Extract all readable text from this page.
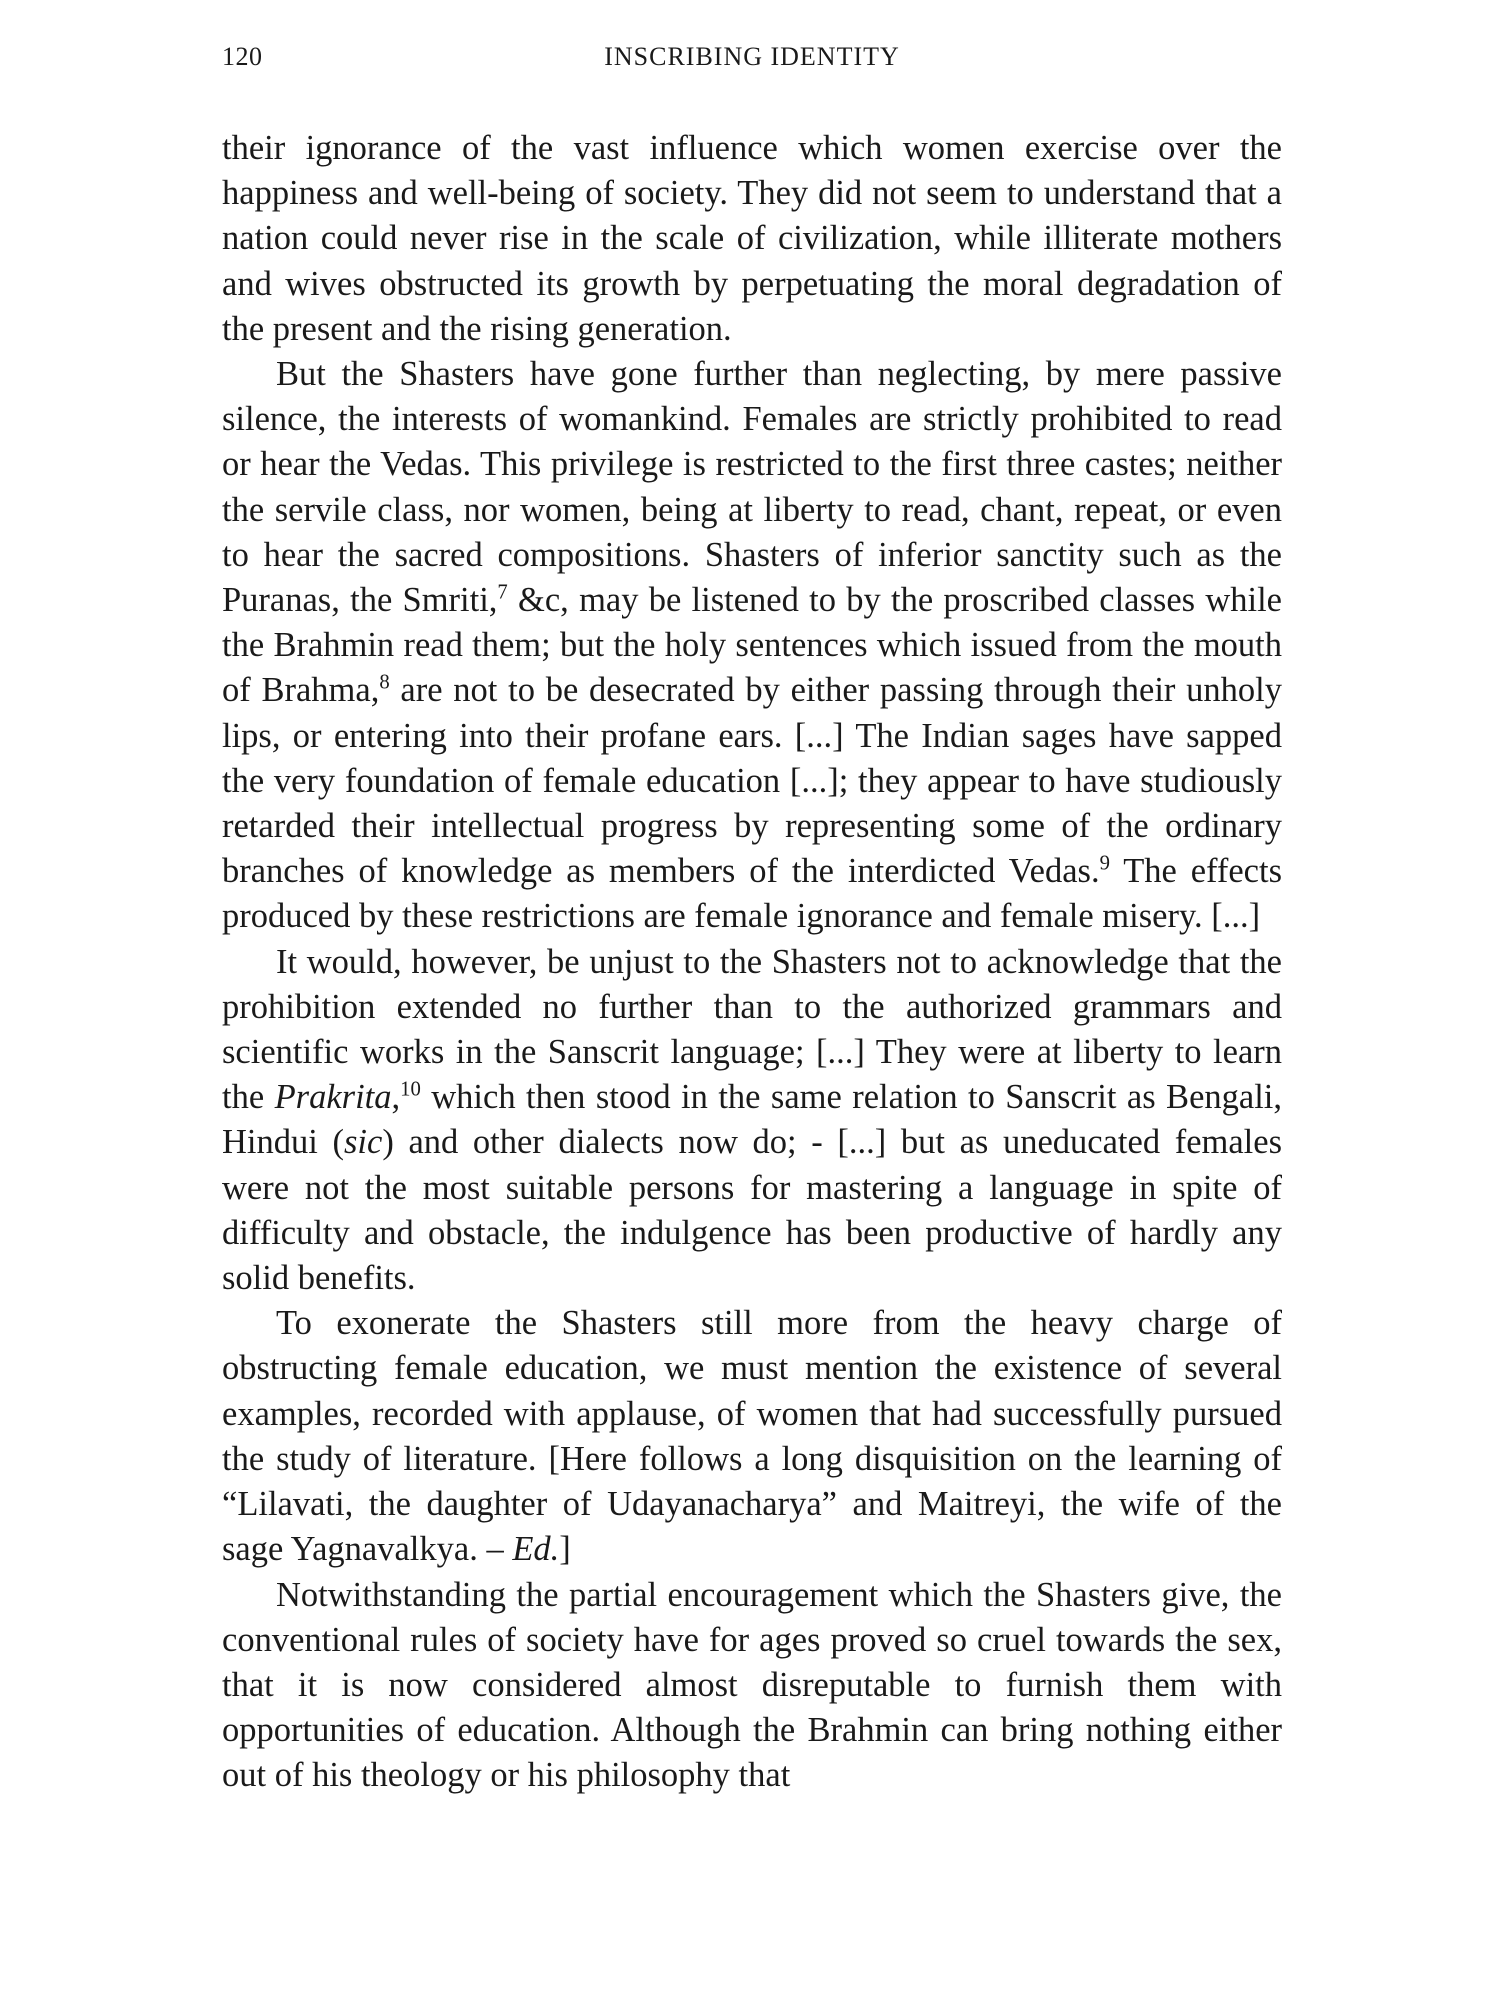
120	INSCRIBING IDENTITY

their ignorance of the vast influence which women exercise over the happiness and well-being of society. They did not seem to understand that a nation could never rise in the scale of civilization, while illiterate mothers and wives obstructed its growth by perpetuating the moral degradation of the present and the rising generation.

But the Shasters have gone further than neglecting, by mere passive silence, the interests of womankind. Females are strictly prohibited to read or hear the Vedas. This privilege is restricted to the first three castes; neither the servile class, nor women, being at liberty to read, chant, repeat, or even to hear the sacred compositions. Shasters of inferior sanctity such as the Puranas, the Smriti,$^7$ &c, may be listened to by the proscribed classes while the Brahmin read them; but the holy sentences which issued from the mouth of Brahma,$^8$ are not to be desecrated by either passing through their unholy lips, or entering into their profane ears. [...] The Indian sages have sapped the very foundation of female education [...]; they appear to have studiously retarded their intellectual progress by representing some of the ordinary branches of knowledge as members of the interdicted Vedas.$^9$ The effects produced by these restrictions are female ignorance and female misery. [...]

It would, however, be unjust to the Shasters not to acknowledge that the prohibition extended no further than to the authorized grammars and scientific works in the Sanscrit language; [...] They were at liberty to learn the Prakrita,$^{10}$ which then stood in the same relation to Sanscrit as Bengali, Hindui (sic) and other dialects now do; - [...] but as uneducated females were not the most suitable persons for mastering a language in spite of difficulty and obstacle, the indulgence has been productive of hardly any solid benefits.

To exonerate the Shasters still more from the heavy charge of obstructing female education, we must mention the existence of several examples, recorded with applause, of women that had successfully pursued the study of literature. [Here follows a long disquisition on the learning of “Lilavati, the daughter of Udayanacharya” and Maitreyi, the wife of the sage Yagnavalkya. – Ed.]

Notwithstanding the partial encouragement which the Shasters give, the conventional rules of society have for ages proved so cruel towards the sex, that it is now considered almost disreputable to furnish them with opportunities of education. Although the Brahmin can bring nothing either out of his theology or his philosophy that
